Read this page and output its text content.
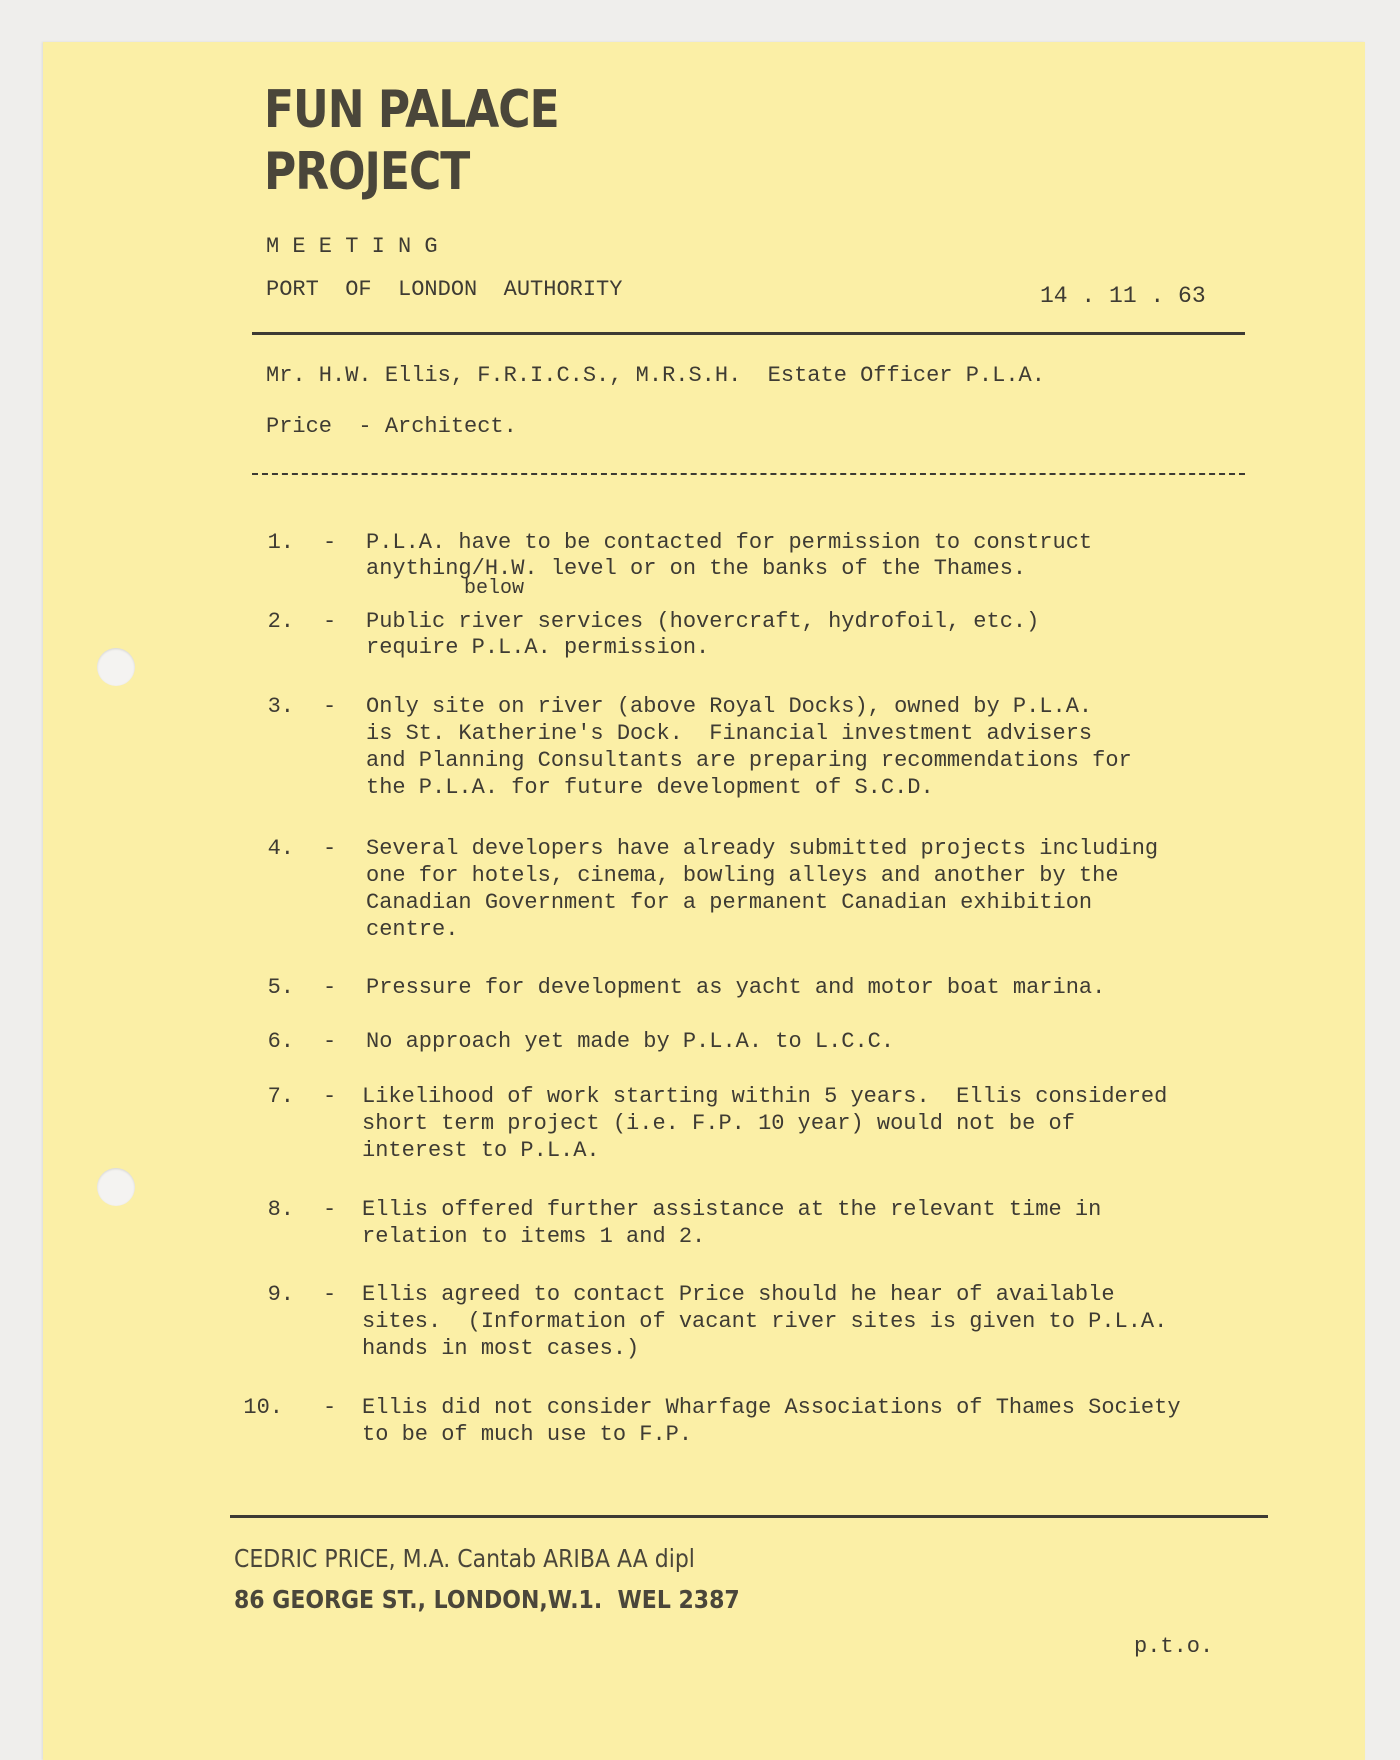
FUN PALACE
PROJECT
M E E T I N G
PORT  OF  LONDON  AUTHORITY	14 . 11 . 63
Mr. H.W. Ellis, F.R.I.C.S., M.R.S.H.  Estate Officer P.L.A.
Price  - Architect.
1. - P.L.A. have to be contacted for permission to construct
anything/H.W. level or on the banks of the Thames.
below
2. - Public river services (hovercraft, hydrofoil, etc.)
require P.L.A. permission.
3. - Only site on river (above Royal Docks), owned by P.L.A.
is St. Katherine's Dock.  Financial investment advisers
and Planning Consultants are preparing recommendations for
the P.L.A. for future development of S.C.D.
4. - Several developers have already submitted projects including
one for hotels, cinema, bowling alleys and another by the
Canadian Government for a permanent Canadian exhibition
centre.
5. - Pressure for development as yacht and motor boat marina.
6. - No approach yet made by P.L.A. to L.C.C.
7. - Likelihood of work starting within 5 years.  Ellis considered
short term project (i.e. F.P. 10 year) would not be of
interest to P.L.A.
8. - Ellis offered further assistance at the relevant time in
relation to items 1 and 2.
9. - Ellis agreed to contact Price should he hear of available
sites.  (Information of vacant river sites is given to P.L.A.
hands in most cases.)
10. - Ellis did not consider Wharfage Associations of Thames Society
to be of much use to F.P.
CEDRIC PRICE, M.A. Cantab ARIBA AA dipl
86 GEORGE ST., LONDON,W.1.  WEL 2387
p.t.o.
